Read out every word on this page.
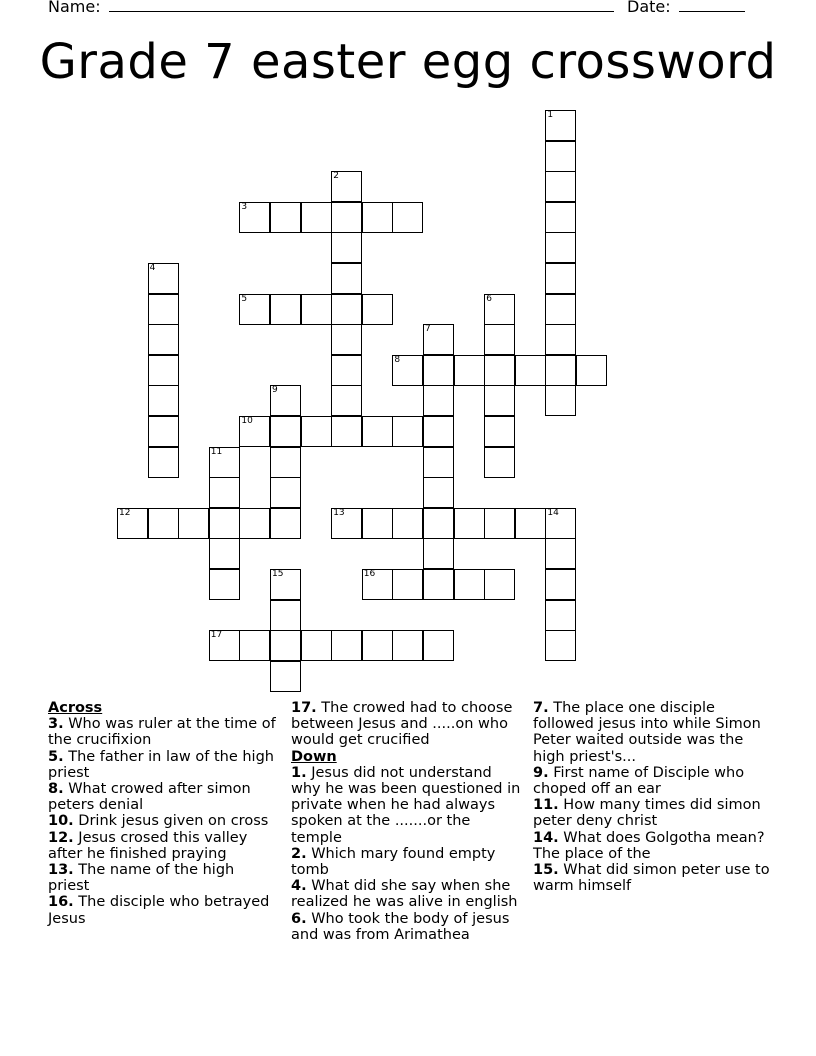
Name:	Date:
Grade 7 easter egg crossword
1
2
3
4
5	6
7
8
9
10
11
12	13	14
15	16
17
Across
3. Who was ruler at the time of the crucifixion
5. The father in law of the high priest
8. What crowed after simon peters denial
10. Drink jesus given on cross
12. Jesus crosed this valley after he finished praying
13. The name of the high priest
16. The disciple who betrayed Jesus
17. The crowed had to choose between Jesus and .....on who would get crucified
Down
1. Jesus did not understand why he was been questioned in private when he had always spoken at the .......or the temple
2. Which mary found empty tomb
4. What did she say when she realized he was alive in english
6. Who took the body of jesus and was from Arimathea
7. The place one disciple followed jesus into while Simon Peter waited outside was the high priest's...
9. First name of Disciple who choped off an ear
11. How many times did simon peter deny christ
14. What does Golgotha mean? The place of the
15. What did simon peter use to warm himself
